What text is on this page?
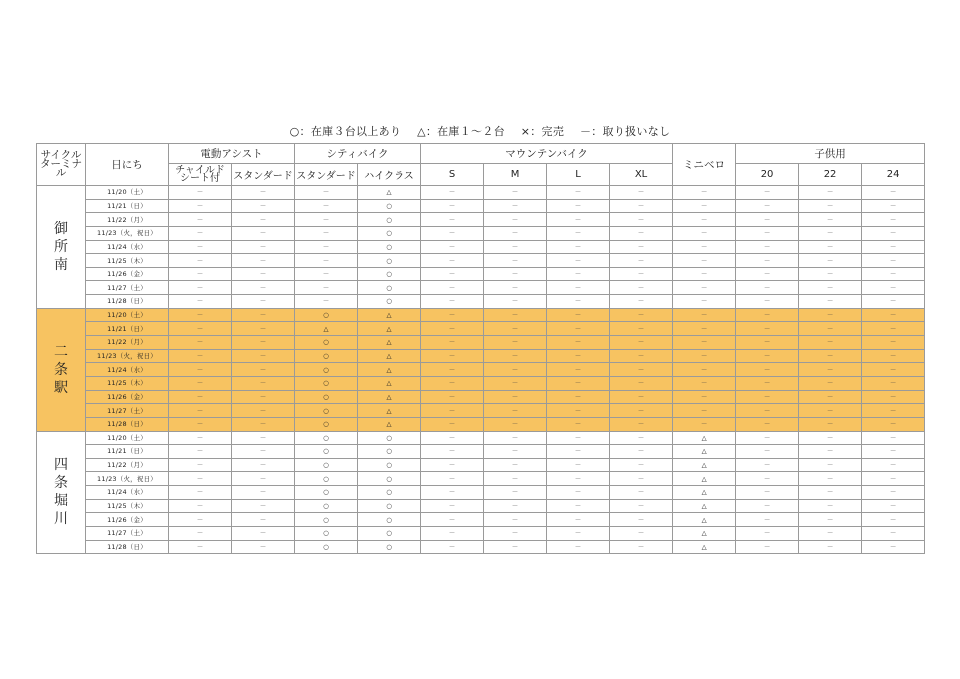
○：在庫３台以上あり △：在庫１～２台 ×：完売 －：取り扱いなし
サイクル ターミナル	日にち	電動アシスト		シティバイク		マウンテンバイク				ミニベロ	子供用		
		チャイルド シート付	スタンダード	スタンダード	ハイクラス	S	M	L	XL		20	22	24

御所南	11/20（土）	－	－	－	△	－	－	－	－	－	－	－	－
	11/21（日）	－	－	－	○	－	－	－	－	－	－	－	－
	11/22（月）	－	－	－	○	－	－	－	－	－	－	－	－
	11/23（火，祝日）	－	－	－	○	－	－	－	－	－	－	－	－
	11/24（水）	－	－	－	○	－	－	－	－	－	－	－	－
	11/25（木）	－	－	－	○	－	－	－	－	－	－	－	－
	11/26（金）	－	－	－	○	－	－	－	－	－	－	－	－
	11/27（土）	－	－	－	○	－	－	－	－	－	－	－	－
	11/28（日）	－	－	－	○	－	－	－	－	－	－	－	－

二条駅	11/20（土）	－	－	○	△	－	－	－	－	－	－	－	－
	11/21（日）	－	－	△	△	－	－	－	－	－	－	－	－
	11/22（月）	－	－	○	△	－	－	－	－	－	－	－	－
	11/23（火，祝日）	－	－	○	△	－	－	－	－	－	－	－	－
	11/24（水）	－	－	○	△	－	－	－	－	－	－	－	－
	11/25（木）	－	－	○	△	－	－	－	－	－	－	－	－
	11/26（金）	－	－	○	△	－	－	－	－	－	－	－	－
	11/27（土）	－	－	○	△	－	－	－	－	－	－	－	－
	11/28（日）	－	－	○	△	－	－	－	－	－	－	－	－

四条堀川	11/20（土）	－	－	○	○	－	－	－	－	△	－	－	－
	11/21（日）	－	－	○	○	－	－	－	－	△	－	－	－
	11/22（月）	－	－	○	○	－	－	－	－	△	－	－	－
	11/23（火，祝日）	－	－	○	○	－	－	－	－	△	－	－	－
	11/24（水）	－	－	○	○	－	－	－	－	△	－	－	－
	11/25（木）	－	－	○	○	－	－	－	－	△	－	－	－
	11/26（金）	－	－	○	○	－	－	－	－	△	－	－	－
	11/27（土）	－	－	○	○	－	－	－	－	△	－	－	－
	11/28（日）	－	－	○	○	－	－	－	－	△	－	－	－
